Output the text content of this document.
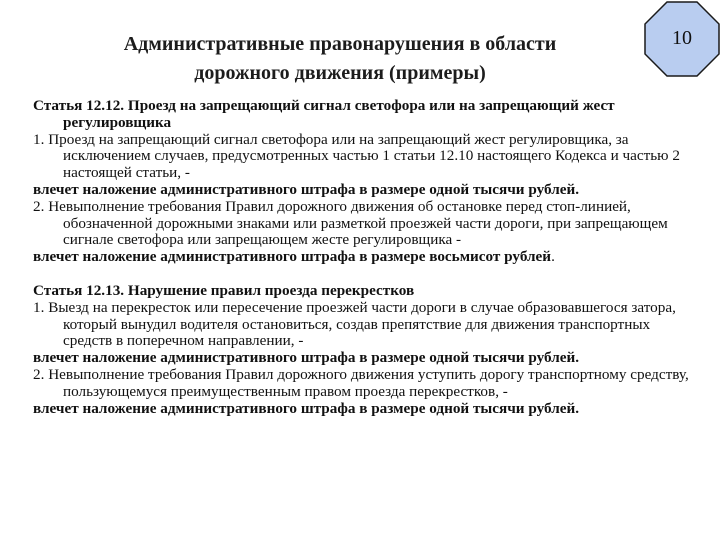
Административные правонарушения в области
дорожного движения (примеры)
10

Статья 12.12. Проезд на запрещающий сигнал светофора или на запрещающий жест регулировщика

1. Проезд на запрещающий сигнал светофора или на запрещающий жест регулировщика, за исключением случаев, предусмотренных частью 1 статьи 12.10 настоящего Кодекса и частью 2 настоящей статьи, -

влечет наложение административного штрафа в размере одной тысячи рублей.

2. Невыполнение требования Правил дорожного движения об остановке перед стоп-линией, обозначенной дорожными знаками или разметкой проезжей части дороги, при запрещающем сигнале светофора или запрещающем жесте регулировщика -

влечет наложение административного штрафа в размере восьмисот рублей.

Статья 12.13. Нарушение правил проезда перекрестков

1. Выезд на перекресток или пересечение проезжей части дороги в случае образовавшегося затора, который вынудил водителя остановиться, создав препятствие для движения транспортных средств в поперечном направлении, -

влечет наложение административного штрафа в размере одной тысячи рублей.

2. Невыполнение требования Правил дорожного движения уступить дорогу транспортному средству, пользующемуся преимущественным правом проезда перекрестков, -

влечет наложение административного штрафа в размере одной тысячи рублей.
